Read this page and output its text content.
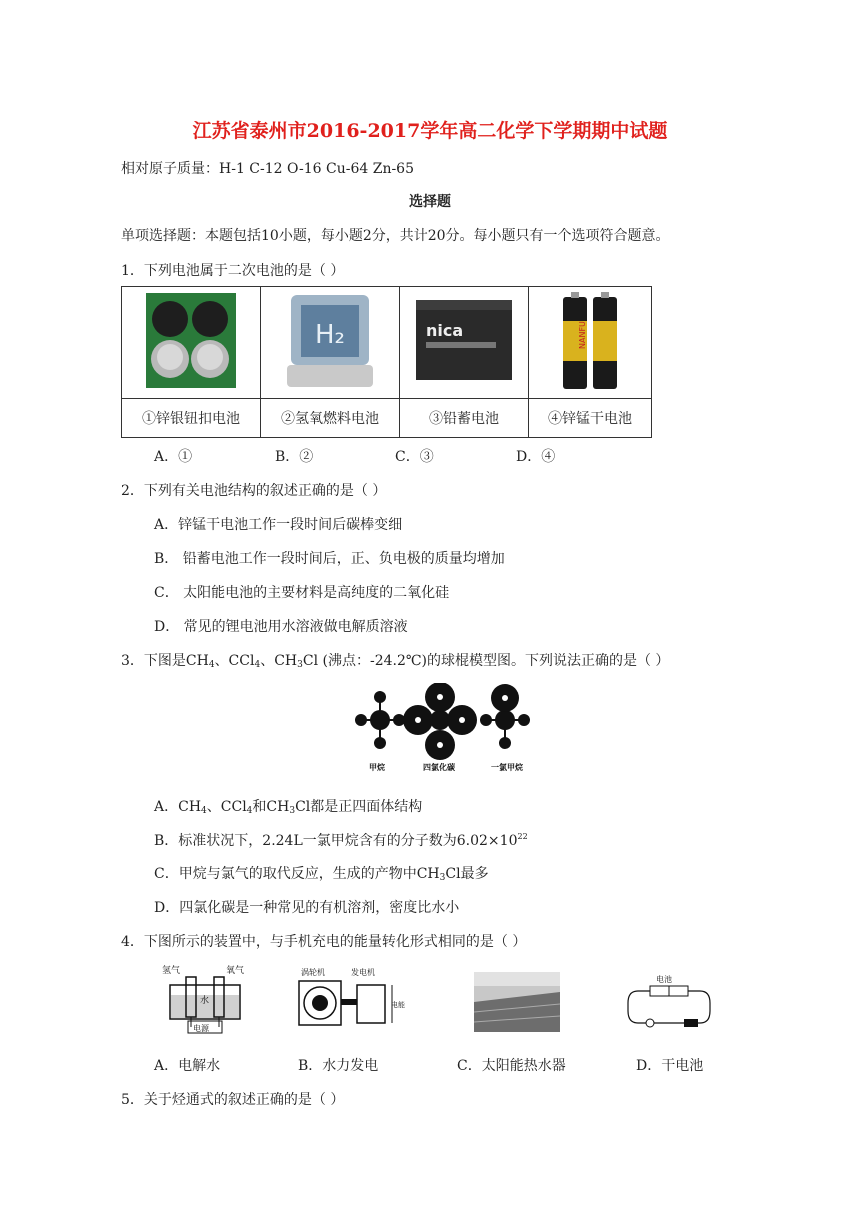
江苏省泰州市2016-2017学年高二化学下学期期中试题
相对原子质量：H-1 C-12 O-16 Cu-64 Zn-65
选择题
单项选择题：本题包括10小题，每小题2分，共计20分。每小题只有一个选项符合题意。
1．下列电池属于二次电池的是（ ）

H₂	nica	NANFU

①锌银钮扣电池	②氢氧燃料电池	③铅蓄电池	④锌锰干电池
A．①	B．②	C．③	D．④
2．下列有关电池结构的叙述正确的是（ ）
A．锌锰干电池工作一段时间后碳棒变细
B． 铅蓄电池工作一段时间后，正、负电极的质量均增加
C． 太阳能电池的主要材料是高纯度的二氧化硅
D． 常见的锂电池用水溶液做电解质溶液
3．下图是$CH_4$、CCl$_4$、$CH_3Cl$ (沸点：-24.2℃)的球棍模型图。下列说法正确的是（ ）
甲烷	四氯化碳	一氯甲烷
A．$CH_4$、CCl$_4$和$CH_3Cl$都是正四面体结构
B．标准状况下，2.24L一氯甲烷含有的分子数为$6.02\times 10^{22}$
C．甲烷与氯气的取代反应，生成的产物中$CH_3Cl$最多
D．四氯化碳是一种常见的有机溶剂，密度比水小
4．下图所示的装置中，与手机充电的能量转化形式相同的是（ ）
氢气	氧气
水
电源
涡轮机	发电机
电能
电池
A．电解水	B．水力发电	C．太阳能热水器	D．干电池
5．关于烃通式的叙述正确的是（ ）
